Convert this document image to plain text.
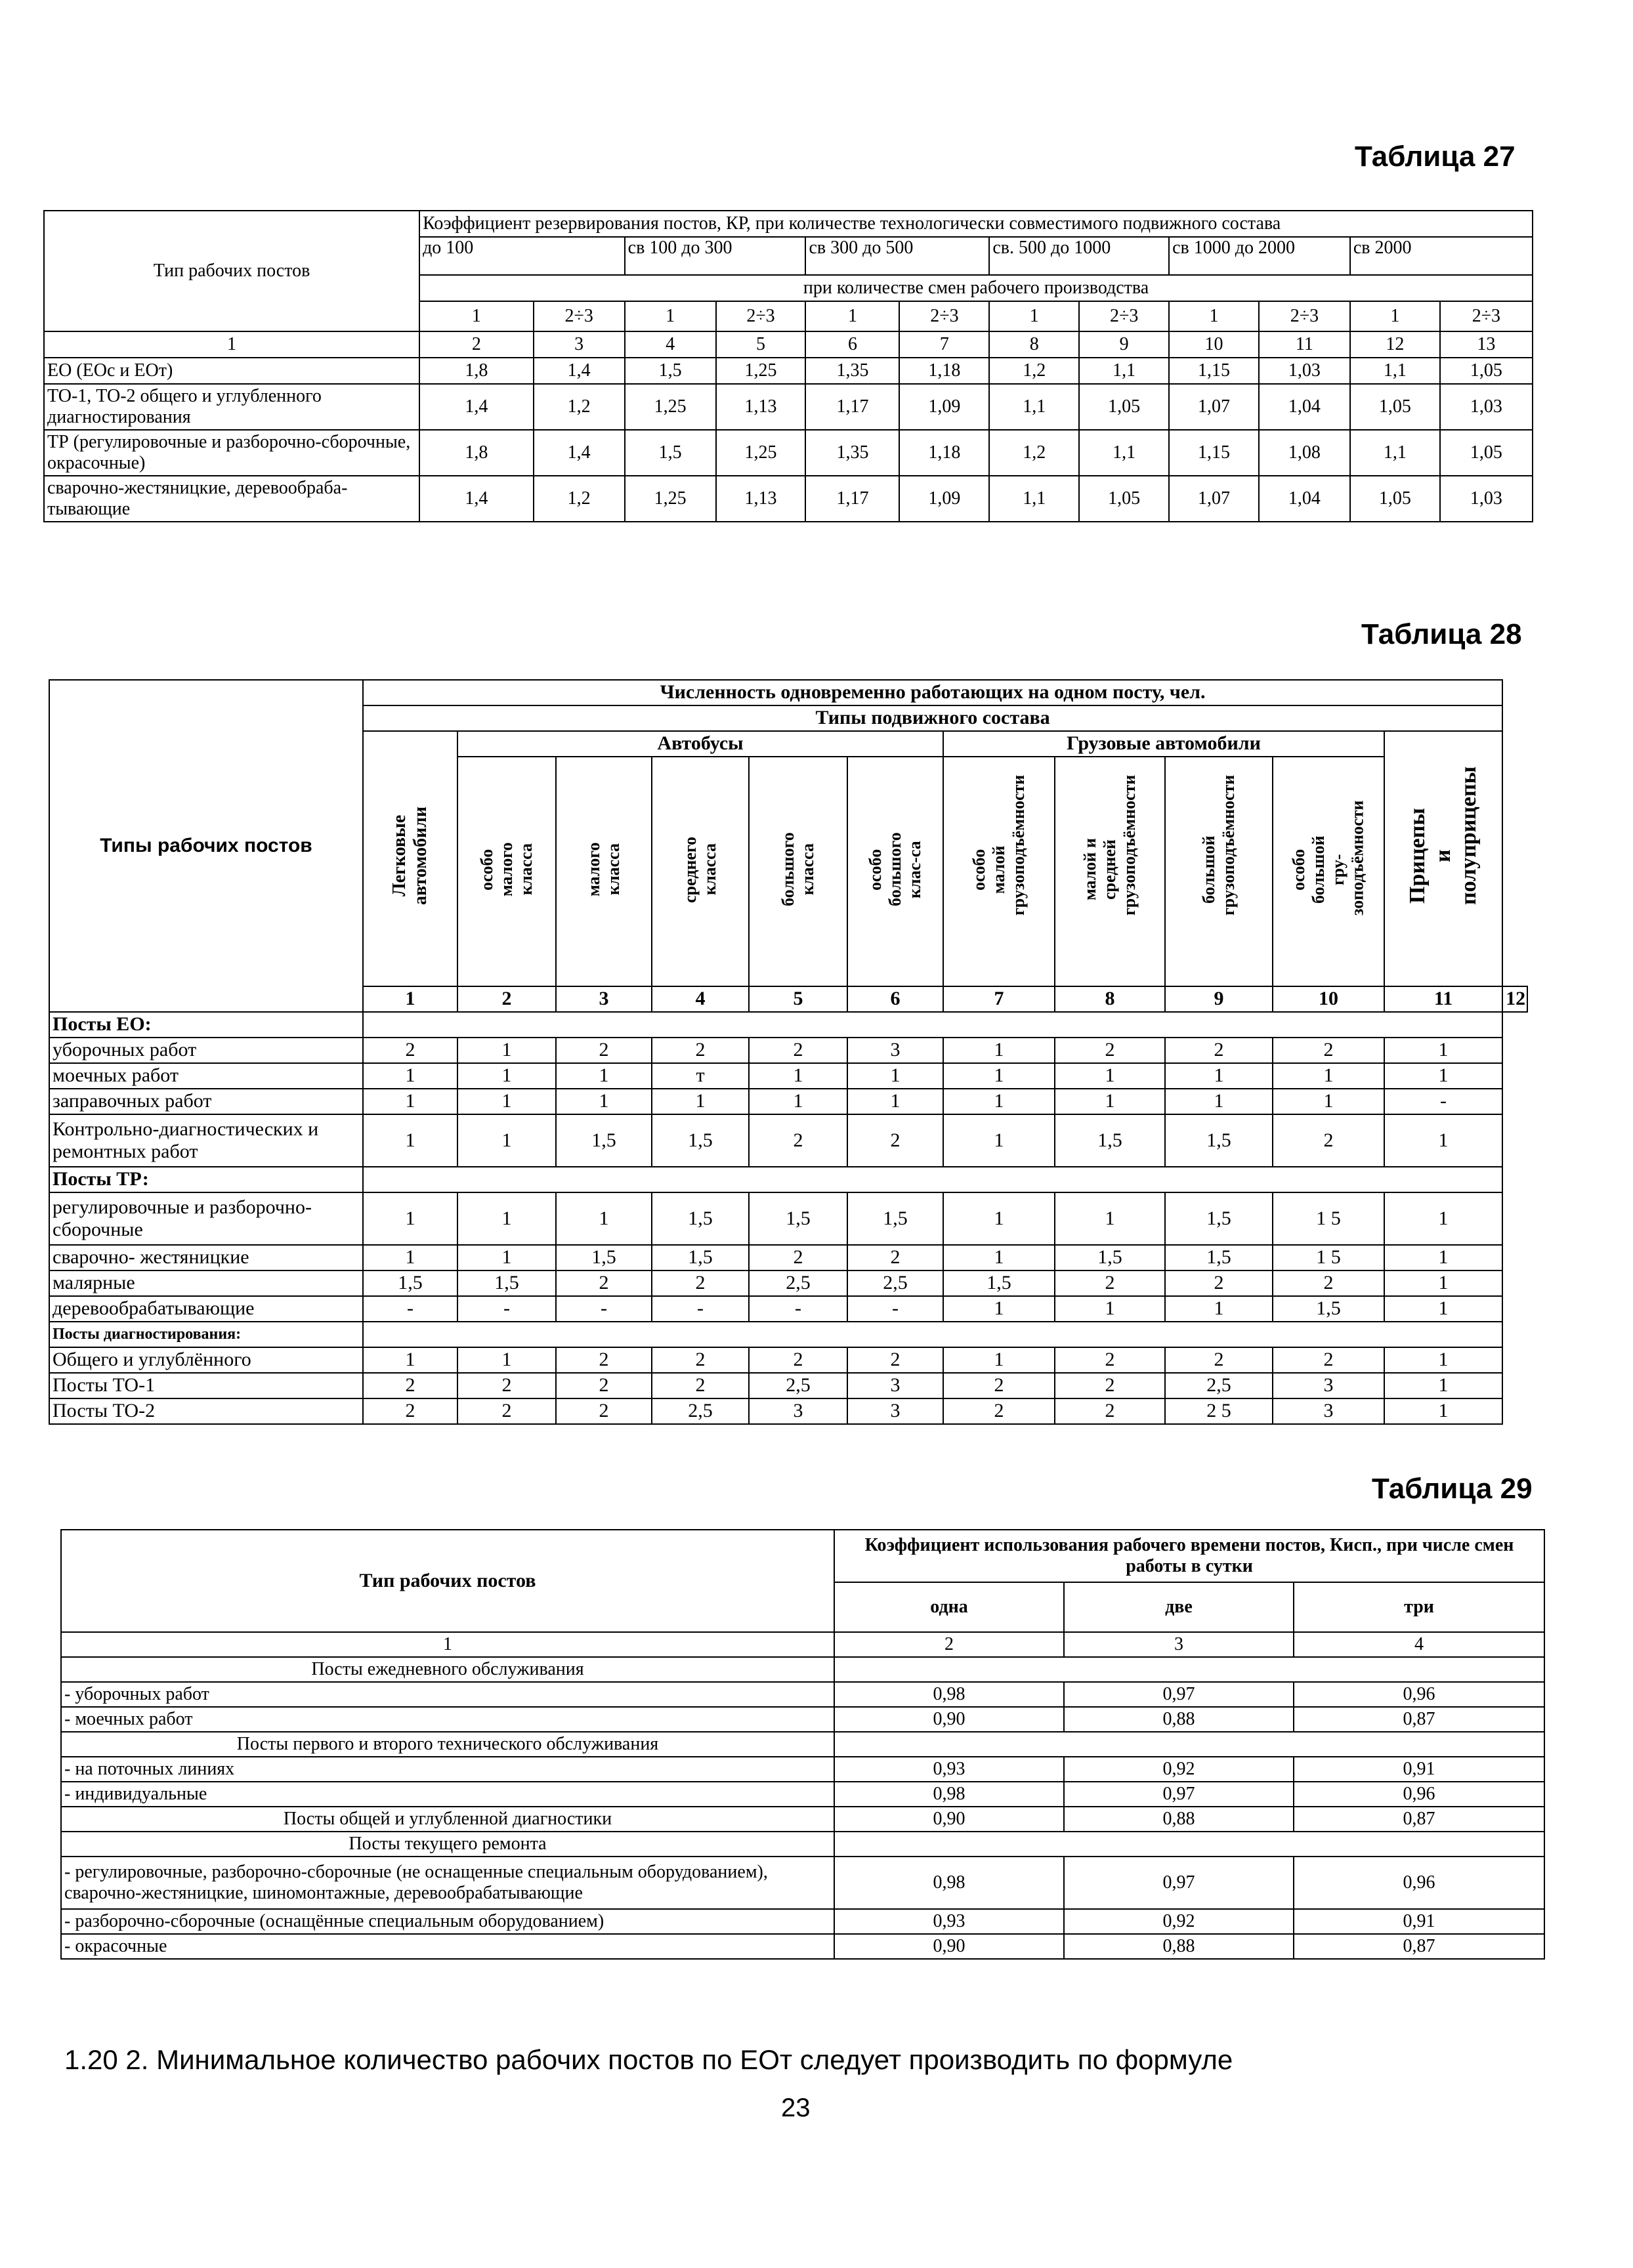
Таблица 27
Тип рабочих постов	Коэффициент резервирования постов, КР, при количестве технологически совместимого подвижного состава											
	до 100		св 100 до 300		св 300 до 500		св. 500 до 1000		св 1000 до 2000		св 2000	
	при количестве смен рабочего производства											
	1	2÷3	1	2÷3	1	2÷3	1	2÷3	1	2÷3	1	2÷3
1	2	3	4	5	6	7	8	9	10	11	12	13
ЕО (ЕОс и ЕОт)	1,8	1,4	1,5	1,25	1,35	1,18	1,2	1,1	1,15	1,03	1,1	1,05
ТО-1, ТО-2 общего и углубленного диагностирования	1,4	1,2	1,25	1,13	1,17	1,09	1,1	1,05	1,07	1,04	1,05	1,03
ТР (регулировочные и разборочно-сборочные, окрасочные)	1,8	1,4	1,5	1,25	1,35	1,18	1,2	1,1	1,15	1,08	1,1	1,05
сварочно-жестяницкие, деревообраба-тывающие	1,4	1,2	1,25	1,13	1,17	1,09	1,1	1,05	1,07	1,04	1,05	1,03
Таблица 28
Типы рабочих постов	Численность одновременно работающих на одном посту, чел.											
	Типы подвижного состава											
	Легковые автомобили	Автобусы					Грузовые автомобили				Прицепы и полуприцепы	
		особо малого класса	малого класса	среднего класса	большого класса	особо большого клас-са	особо малой грузоподъёмности	малой и средней грузоподъёмности	большой грузоподъёмности	особо большой гру-зоподъёмности		
	1	2	3	4	5	6	7	8	9	10	11	12
Посты ЕО:												
уборочных работ	2	1	2	2	2	3	1	2	2	2	1	
моечных работ	1	1	1	т	1	1	1	1	1	1	1	
заправочных работ	1	1	1	1	1	1	1	1	1	1	-	
Контрольно-диагностических и ремонтных работ	1	1	1,5	1,5	2	2	1	1,5	1,5	2	1	
Посты ТР:												
регулировочные и разборочно- сборочные	1	1	1	1,5	1,5	1,5	1	1	1,5	1 5	1	
сварочно- жестяницкие	1	1	1,5	1,5	2	2	1	1,5	1,5	1 5	1	
малярные	1,5	1,5	2	2	2,5	2,5	1,5	2	2	2	1	
деревообрабатывающие	-	-	-	-	-	-	1	1	1	1,5	1	
Посты диагностирования:												
Общего и углублённого	1	1	2	2	2	2	1	2	2	2	1	
Посты ТО-1	2	2	2	2	2,5	3	2	2	2,5	3	1	
Посты ТО-2	2	2	2	2,5	3	3	2	2	2 5	3	1	
Таблица 29
Тип рабочих постов	Коэффициент использования рабочего времени постов, Кисп., при числе смен работы в сутки		
	одна	две	три
1	2	3	4
Посты ежедневного обслуживания			
- уборочных работ	0,98	0,97	0,96
- моечных работ	0,90	0,88	0,87
Посты первого и второго технического обслуживания			
- на поточных линиях	0,93	0,92	0,91
- индивидуальные	0,98	0,97	0,96
Посты общей и углубленной диагностики	0,90	0,88	0,87
Посты текущего ремонта			
- регулировочные, разборочно-сборочные (не оснащенные специальным оборудованием), сварочно-жестяницкие, шиномонтажные, деревообрабатывающие	0,98	0,97	0,96
- разборочно-сборочные (оснащённые специальным оборудованием)	0,93	0,92	0,91
- окрасочные	0,90	0,88	0,87
1.20 2. Минимальное количество рабочих постов по ЕОт следует производить по формуле
23
